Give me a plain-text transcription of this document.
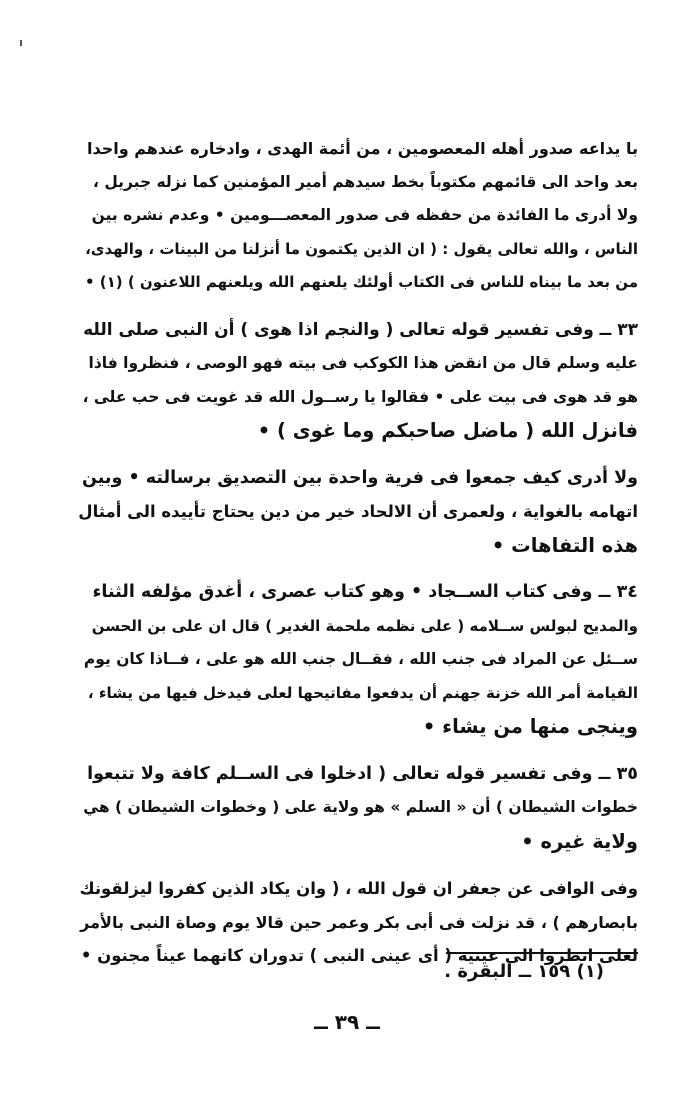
با يداعه صدور أهله المعصومين ، من أئمة الهدى ، وادخاره عندهم واحدا
بعد واحد الى قائمهم مكتوباً بخط سيدهم أمير المؤمنين كما نزله جبريل ،
ولا أدرى ما الفائدة من حفظه فى صدور المعصـــومين • وعدم نشره بين
الناس ، والله تعالى يقول : ( ان الذين يكتمون ما أنزلنا من البينات ، والهدى،
من بعد ما بيناه للناس فى الكتاب أولئك يلعنهم الله ويلعنهم اللاعنون ) (١) •

٣٣ ــ وفى تفسير قوله تعالى ( والنجم اذا هوى ) أن النبى صلى الله
عليه وسلم قال من انقض هذا الكوكب فى بيته فهو الوصى ، فنظروا فاذا
هو قد هوى فى بيت على • فقالوا يا رســول الله قد غويت فى حب على ،
فانزل الله ( ماضل صاحبكم وما غوى ) •

ولا أدرى كيف جمعوا فى فرية واحدة بين التصديق برسالته • وبين
اتهامه بالغواية ، ولعمرى أن الالحاد خير من دين يحتاج تأييده الى أمثال
هذه التفاهات •

٣٤ ــ وفى كتاب الســجاد • وهو كتاب عصرى ، أغدق مؤلفه الثناء
والمديح لبولس ســلامه ( على نظمه ملحمة الغدير ) قال ان على بن الحسن
ســئل عن المراد فى جنب الله ، فقــال جنب الله هو على ، فــاذا كان يوم
القيامة أمر الله خزنة جهنم أن يدفعوا مفاتيحها لعلى فيدخل فيها من يشاء ،
وينجى منها من يشاء •

٣٥ ــ وفى تفسير قوله تعالى ( ادخلوا فى الســلم كافة ولا تتبعوا
خطوات الشيطان ) أن « السلم » هو ولاية على ( وخطوات الشيطان ) هي
ولاية غيره •

وفى الوافى عن جعفر ان قول الله ، ( وان يكاد الذين كفروا ليزلقونك
بابصارهم ) ، قد نزلت فى أبى بكر وعمر حين قالا يوم وصاة النبى بالأمر
لعلى انظروا الى عينيه ( أى عينى النبى ) تدوران كانهما عيناً مجنون •

(١) ١٥٩ ــ البقرة .
ــ ٣٩ ــ
